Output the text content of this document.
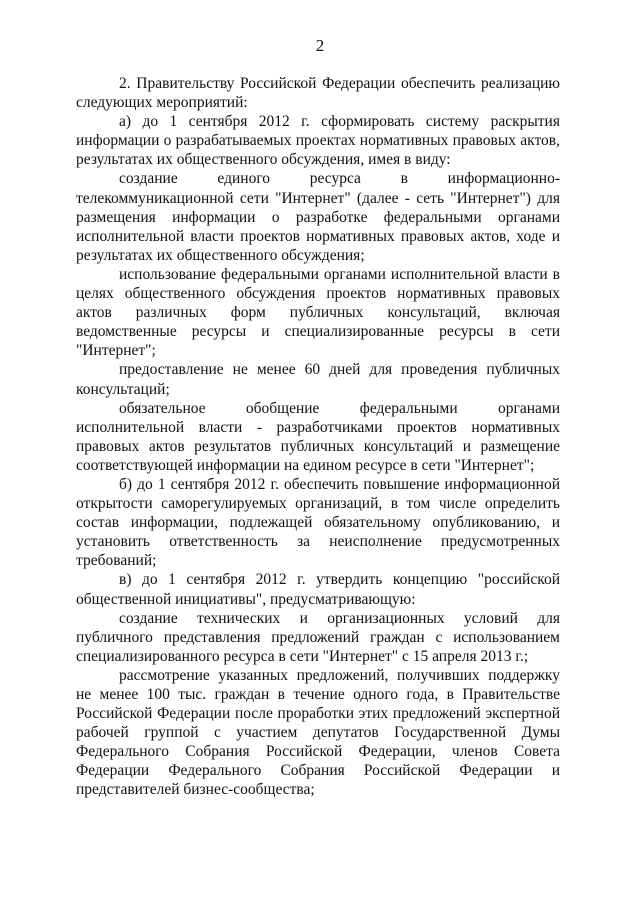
2

2. Правительству Российской Федерации обеспечить реализацию следующих мероприятий:

а) до 1 сентября 2012 г. сформировать систему раскрытия информации о разрабатываемых проектах нормативных правовых актов, результатах их общественного обсуждения, имея в виду:

создание единого ресурса в информационно-телекоммуникационной сети "Интернет" (далее - сеть "Интернет") для размещения информации о разработке федеральными органами исполнительной власти проектов нормативных правовых актов, ходе и результатах их общественного обсуждения;

использование федеральными органами исполнительной власти в целях общественного обсуждения проектов нормативных правовых актов различных форм публичных консультаций, включая ведомственные ресурсы и специализированные ресурсы в сети "Интернет";

предоставление не менее 60 дней для проведения публичных консультаций;

обязательное обобщение федеральными органами исполнительной власти - разработчиками проектов нормативных правовых актов результатов публичных консультаций и размещение соответствующей информации на едином ресурсе в сети "Интернет";

б) до 1 сентября 2012 г. обеспечить повышение информационной открытости саморегулируемых организаций, в том числе определить состав информации, подлежащей обязательному опубликованию, и установить ответственность за неисполнение предусмотренных требований;

в) до 1 сентября 2012 г. утвердить концепцию "российской общественной инициативы", предусматривающую:

создание технических и организационных условий для публичного представления предложений граждан с использованием специализированного ресурса в сети "Интернет" с 15 апреля 2013 г.;

рассмотрение указанных предложений, получивших поддержку не менее 100 тыс. граждан в течение одного года, в Правительстве Российской Федерации после проработки этих предложений экспертной рабочей группой с участием депутатов Государственной Думы Федерального Собрания Российской Федерации, членов Совета Федерации Федерального Собрания Российской Федерации и представителей бизнес-сообщества;
